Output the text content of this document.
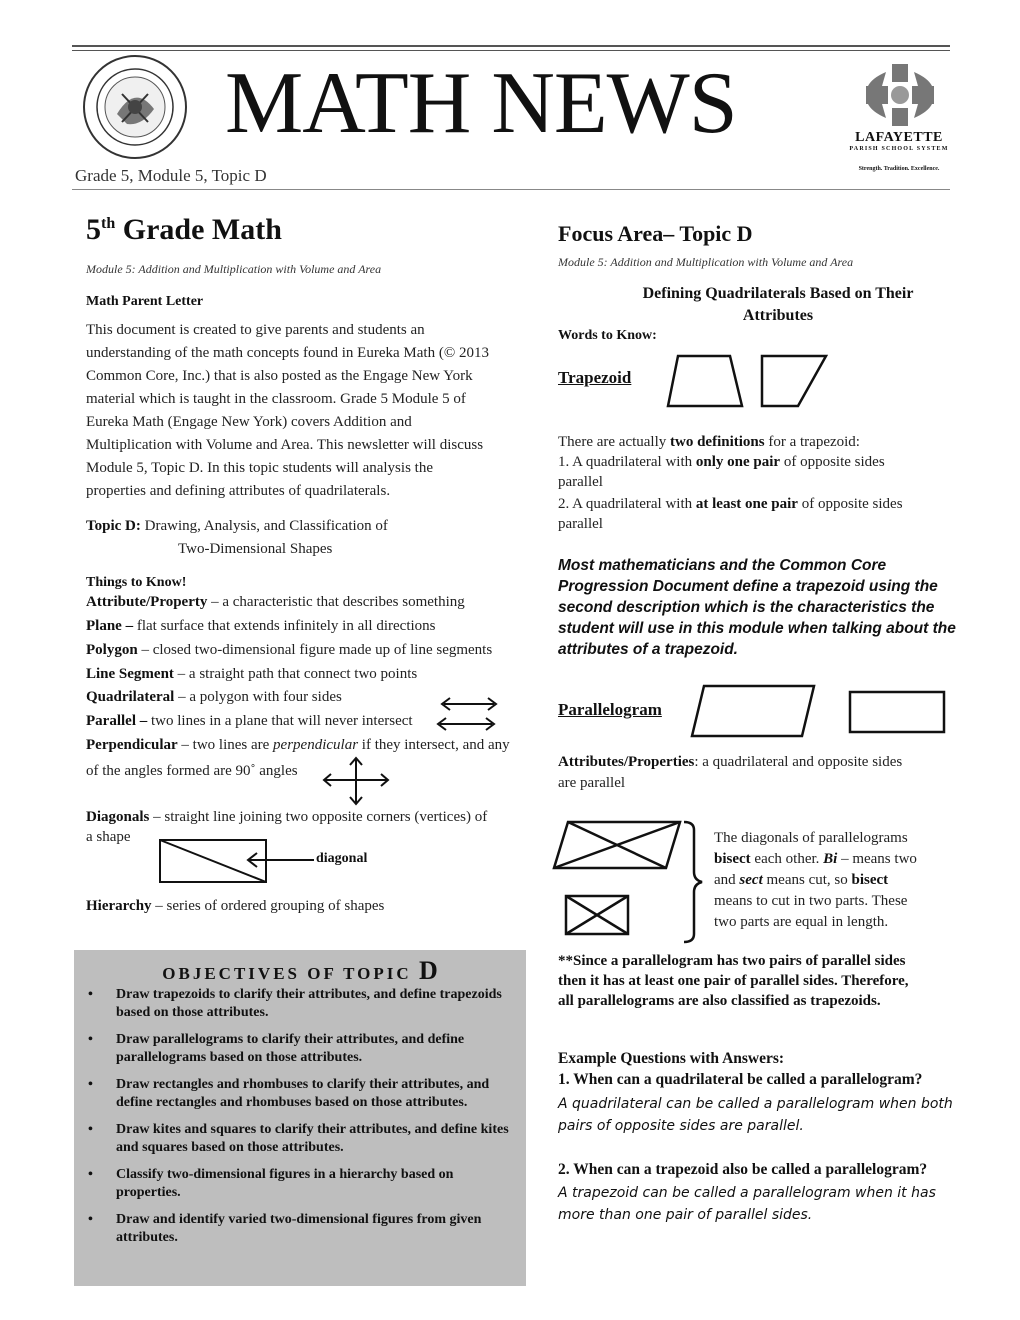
MATH NEWS
Grade 5, Module 5, Topic D
LAFAYETTE
PARISH SCHOOL SYSTEM
Strength. Tradition. Excellence.
5th Grade Math
Module 5: Addition and Multiplication with Volume and Area
Math Parent Letter
This document is created to give parents and students an
understanding of the math concepts found in Eureka Math (© 2013
Common Core, Inc.) that is also posted as the Engage New York
material which is taught in the classroom. Grade 5 Module 5 of
Eureka Math (Engage New York) covers Addition and
Multiplication with Volume and Area. This newsletter will discuss
Module 5, Topic D. In this topic students will analysis the
properties and defining attributes of quadrilaterals.
Topic D: Drawing, Analysis, and Classification of
Two-Dimensional Shapes
Things to Know!
Attribute/Property – a characteristic that describes something
Plane – flat surface that extends infinitely in all directions
Polygon – closed two-dimensional figure made up of line segments
Line Segment – a straight path that connect two points
Quadrilateral – a polygon with four sides
Parallel – two lines in a plane that will never intersect
Perpendicular – two lines are perpendicular if they intersect, and any
of the angles formed are 90˚ angles
Diagonals – straight line joining two opposite corners (vertices) of
a shape
diagonal
Hierarchy – series of ordered grouping of shapes
OBJECTIVES OF TOPIC D
• Draw trapezoids to clarify their attributes, and define trapezoids based on those attributes.
• Draw parallelograms to clarify their attributes, and define parallelograms based on those attributes.
• Draw rectangles and rhombuses to clarify their attributes, and define rectangles and rhombuses based on those attributes.
• Draw kites and squares to clarify their attributes, and define kites and squares based on those attributes.
• Classify two-dimensional figures in a hierarchy based on properties.
• Draw and identify varied two-dimensional figures from given attributes.
Focus Area– Topic D
Module 5: Addition and Multiplication with Volume and Area
Defining Quadrilaterals Based on Their
Attributes
Words to Know:
Trapezoid
There are actually two definitions for a trapezoid:
1. A quadrilateral with only one pair of opposite sides
parallel
2. A quadrilateral with at least one pair of opposite sides
parallel
Most mathematicians and the Common Core
Progression Document define a trapezoid using the
second description which is the characteristics the
student will use in this module when talking about the
attributes of a trapezoid.
Parallelogram
Attributes/Properties: a quadrilateral and opposite sides
are parallel
The diagonals of parallelograms
bisect each other. Bi – means two
and sect means cut, so bisect
means to cut in two parts. These
two parts are equal in length.
**Since a parallelogram has two pairs of parallel sides
then it has at least one pair of parallel sides. Therefore,
all parallelograms are also classified as trapezoids.
Example Questions with Answers:
1. When can a quadrilateral be called a parallelogram?
A quadrilateral can be called a parallelogram when both
pairs of opposite sides are parallel.
2. When can a trapezoid also be called a parallelogram?
A trapezoid can be called a parallelogram when it has
more than one pair of parallel sides.
